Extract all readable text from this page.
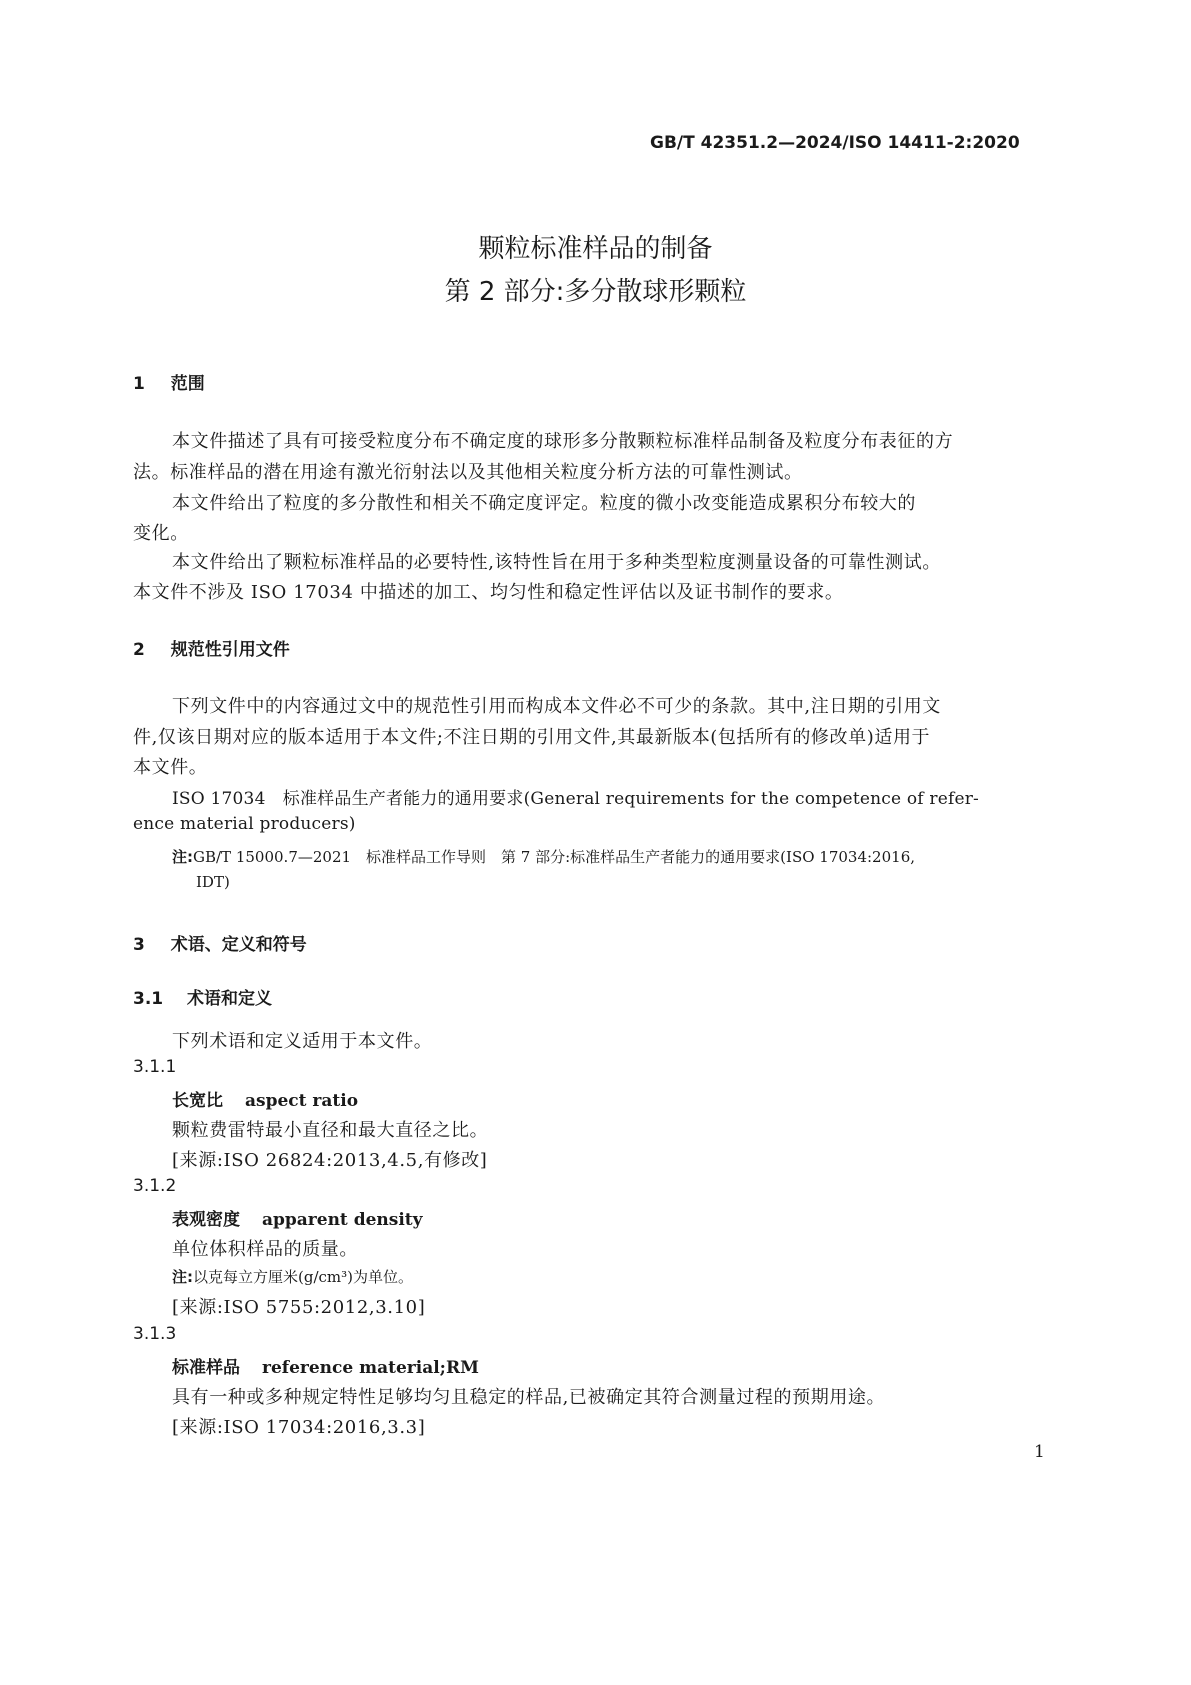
GB/T 42351.2—2024/ISO 14411-2:2020
颗粒标准样品的制备
第 2 部分:多分散球形颗粒
1 范围
本文件描述了具有可接受粒度分布不确定度的球形多分散颗粒标准样品制备及粒度分布表征的方
法。标准样品的潜在用途有激光衍射法以及其他相关粒度分析方法的可靠性测试。
本文件给出了粒度的多分散性和相关不确定度评定。粒度的微小改变能造成累积分布较大的
变化。
本文件给出了颗粒标准样品的必要特性,该特性旨在用于多种类型粒度测量设备的可靠性测试。
本文件不涉及 ISO 17034 中描述的加工、均匀性和稳定性评估以及证书制作的要求。
2 规范性引用文件
下列文件中的内容通过文中的规范性引用而构成本文件必不可少的条款。其中,注日期的引用文
件,仅该日期对应的版本适用于本文件;不注日期的引用文件,其最新版本(包括所有的修改单)适用于
本文件。
ISO 17034　标准样品生产者能力的通用要求(General requirements for the competence of refer-
ence material producers)
注:GB/T 15000.7—2021　标准样品工作导则　第 7 部分:标准样品生产者能力的通用要求(ISO 17034:2016,
IDT)
3 术语、定义和符号
3.1 术语和定义
下列术语和定义适用于本文件。
3.1.1
长宽比 aspect ratio
颗粒费雷特最小直径和最大直径之比。
[来源:ISO 26824:2013,4.5,有修改]
3.1.2
表观密度 apparent density
单位体积样品的质量。
注:以克每立方厘米(g/cm³)为单位。
[来源:ISO 5755:2012,3.10]
3.1.3
标准样品 reference material;RM
具有一种或多种规定特性足够均匀且稳定的样品,已被确定其符合测量过程的预期用途。
[来源:ISO 17034:2016,3.3]
1
